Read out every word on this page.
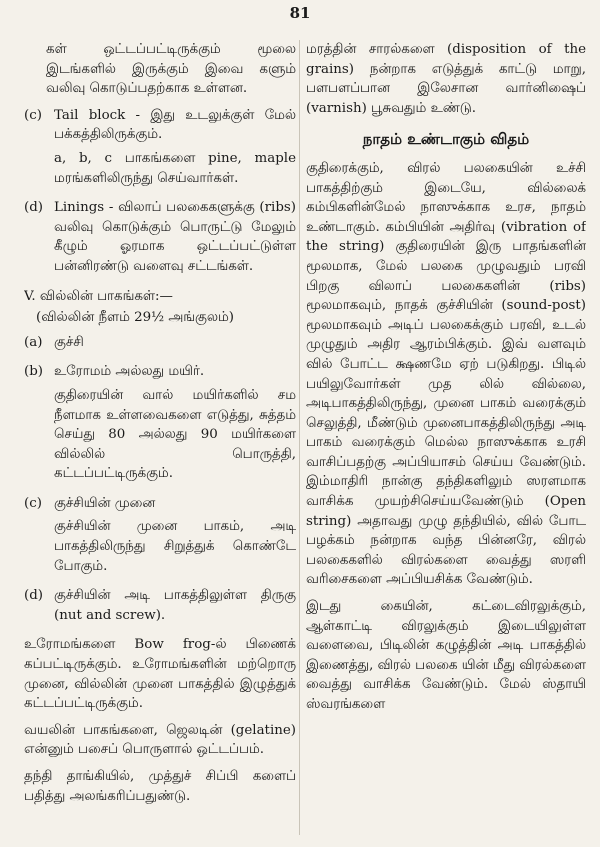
81

கள் ஒட்டப்பட்டிருக்கும் மூலை இடங்களில் இருக்கும் இவை களும் வலிவு கொடுப்பதற்காக உள்ளன.

(c) Tail block - இது உடலுக்குள் மேல் பக்கத்திலிருக்கும்.

a, b, c பாகங்களை pine, maple மரங்களிலிருந்து செய்வார்கள்.

(d) Linings - விலாப் பலகைகளுக்கு (ribs) வலிவு கொடுக்கும் பொருட்டு மேலும் கீழும் ஓரமாக ஒட்டப்பட்டுள்ள பன்னிரண்டு வளைவு சட்டங்கள்.

V. வில்லின் பாகங்கள்:—

(வில்லின் நீளம் 29½ அங்குலம்)

(a) குச்சி

(b) உரோமம் அல்லது மயிர்.

குதிரையின் வால் மயிர்களில் சம நீளமாக உள்ளவைகளை எடுத்து, சுத்தம் செய்து 80 அல்லது 90 மயிர்களை வில்லில் பொருத்தி, கட்டப்பட்டிருக்கும்.

(c) குச்சியின் முனை

குச்சியின் முனை பாகம், அடி பாகத்திலிருந்து சிறுத்துக் கொண்டே போகும்.

(d) குச்சியின் அடி பாகத்திலுள்ள திருகு (nut and screw).

உரோமங்களை Bow frog-ல் பிணைக் கப்பட்டிருக்கும். உரோமங்களின் மற்றொரு முனை, வில்லின் முனை பாகத்தில் இழுத்துக் கட்டப்பட்டிருக்கும்.

வயலின் பாகங்களை, ஜெலடின் (gelatine) என்னும் பசைப் பொருளால் ஒட்டப்பம்.

தந்தி தாங்கியில், முத்துச் சிப்பி களைப் பதித்து அலங்கரிப்பதுண்டு.

மரத்தின் சாரல்களை (disposition of the grains) நன்றாக எடுத்துக் காட்டு மாறு, பளபளப்பான இலேசான வார்னிஷைப் (varnish) பூசுவதும் உண்டு.

நாதம் உண்டாகும் விதம்

குதிரைக்கும், விரல் பலகையின் உச்சி பாகத்திற்கும் இடையே, வில்லைக் கம்பிகளின்மேல் நாஸுக்காக உரச, நாதம் உண்டாகும். கம்பியின் அதிர்வு (vibration of the string) குதிரையின் இரு பாதங்களின் மூலமாக, மேல் பலகை முழுவதும் பரவி பிறகு விலாப் பலகைகளின் (ribs) மூலமாகவும், நாதக் குச்சியின் (sound-post) மூலமாகவும் அடிப் பலகைக்கும் பரவி, உடல் முழுதும் அதிர ஆரம்பிக்கும். இவ் வளவும் வில் போட்ட க்ஷணமே ஏற் படுகிறது. பிடில் பயிலுவோர்கள் முத லில் வில்லை, அடிபாகத்திலிருந்து, முனை பாகம் வரைக்கும் செலுத்தி, மீண்டும் முனைபாகத்திலிருந்து அடி பாகம் வரைக்கும் மெல்ல நாஸுக்காக உரசி வாசிப்பதற்கு அப்பியாசம் செய்ய வேண்டும். இம்மாதிரி நான்கு தந்திகளிலும் ஸரளமாக வாசிக்க முயற்சிசெய்யவேண்டும் (Open string) அதாவது முழு தந்தியில், வில் போட பழக்கம் நன்றாக வந்த பின்னரே, விரல் பலகைகளில் விரல்களை வைத்து ஸரளி வரிசைகளை அப்பியசிக்க வேண்டும்.

இடது கையின், கட்டைவிரலுக்கும், ஆள்காட்டி விரலுக்கும் இடையிலுள்ள வளைவை, பிடிலின் கழுத்தின் அடி பாகத்தில் இணைத்து, விரல் பலகை யின் மீது விரல்களை வைத்து வாசிக்க வேண்டும். மேல் ஸ்தாயி ஸ்வரங்களை
